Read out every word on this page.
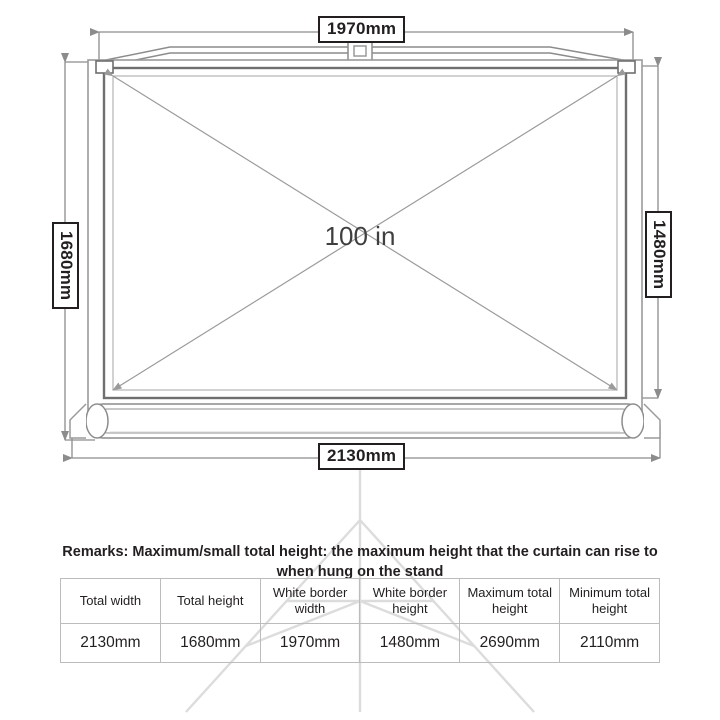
1970mm
2130mm
1680mm	1480mm
100 in
Remarks: Maximum/small total height: the maximum height that the curtain can rise to when hung on the stand
Total width	Total height	White border width	White border height	Maximum total height	Minimum total height
2130mm	1680mm	1970mm	1480mm	2690mm	2110mm
